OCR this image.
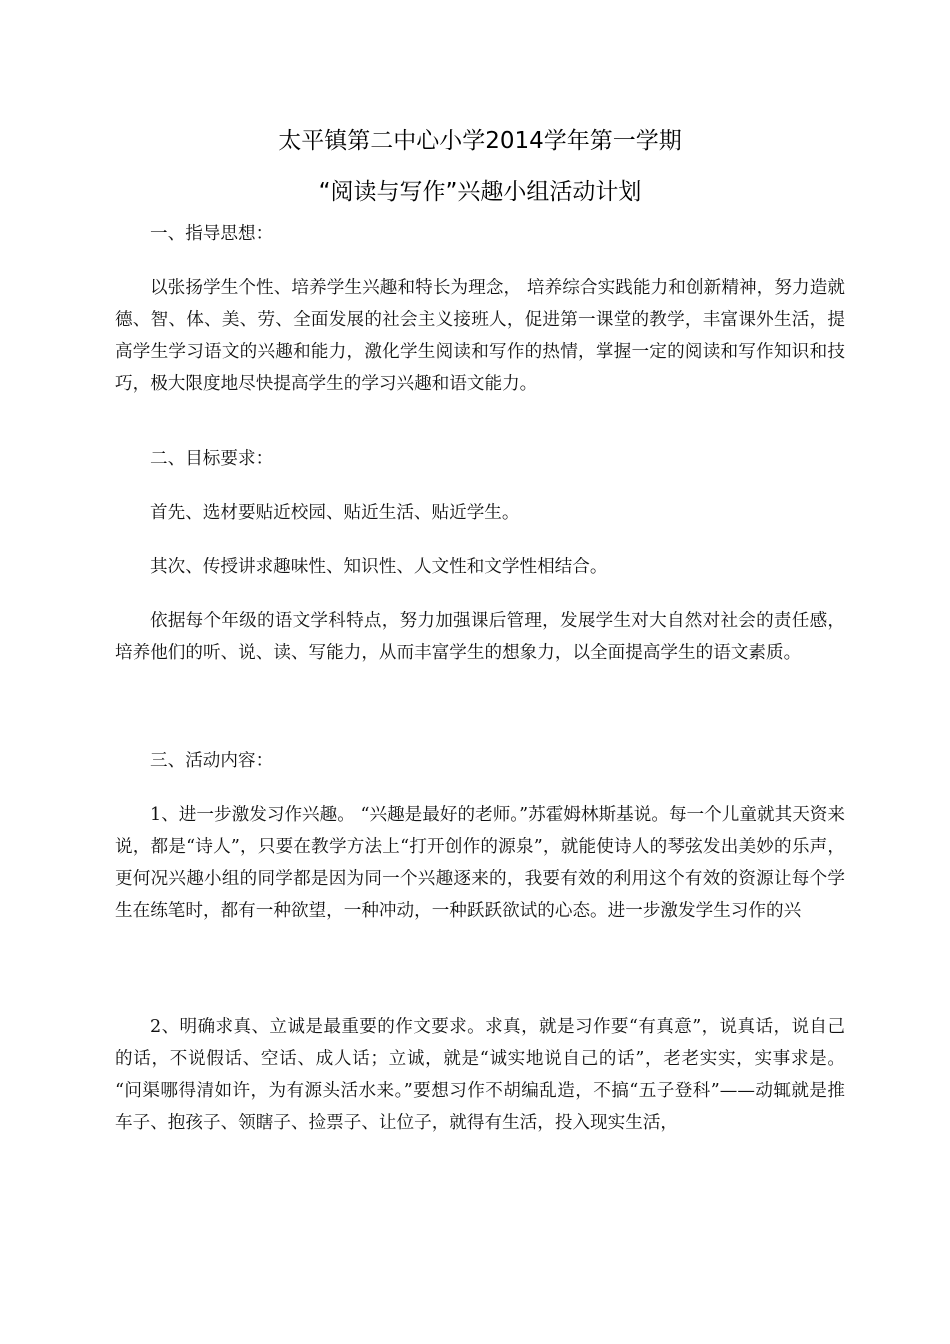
太平镇第二中心小学2014学年第一学期
“阅读与写作”兴趣小组活动计划
一、指导思想：
以张扬学生个性、培养学生兴趣和特长为理念， 培养综合实践能力和创新精神，努力造就德、智、体、美、劳、全面发展的社会主义接班人，促进第一课堂的教学，丰富课外生活，提高学生学习语文的兴趣和能力，激化学生阅读和写作的热情，掌握一定的阅读和写作知识和技巧，极大限度地尽快提高学生的学习兴趣和语文能力。
二、目标要求：
首先、选材要贴近校园、贴近生活、贴近学生。
其次、传授讲求趣味性、知识性、人文性和文学性相结合。
依据每个年级的语文学科特点，努力加强课后管理，发展学生对大自然对社会的责任感，培养他们的听、说、读、写能力，从而丰富学生的想象力，以全面提高学生的语文素质。
三、活动内容：
1、进一步激发习作兴趣。 “兴趣是最好的老师。”苏霍姆林斯基说。每一个儿童就其天资来说，都是“诗人”，只要在教学方法上“打开创作的源泉”，就能使诗人的琴弦发出美妙的乐声，更何况兴趣小组的同学都是因为同一个兴趣逐来的，我要有效的利用这个有效的资源让每个学生在练笔时，都有一种欲望，一种冲动，一种跃跃欲试的心态。进一步激发学生习作的兴
2、明确求真、立诚是最重要的作文要求。求真，就是习作要“有真意”，说真话，说自己的话，不说假话、空话、成人话；立诚，就是“诚实地说自己的话”，老老实实，实事求是。 “问渠哪得清如许，为有源头活水来。”要想习作不胡编乱造，不搞“五子登科”——动辄就是推车子、抱孩子、领瞎子、捡票子、让位子，就得有生活，投入现实生活，
